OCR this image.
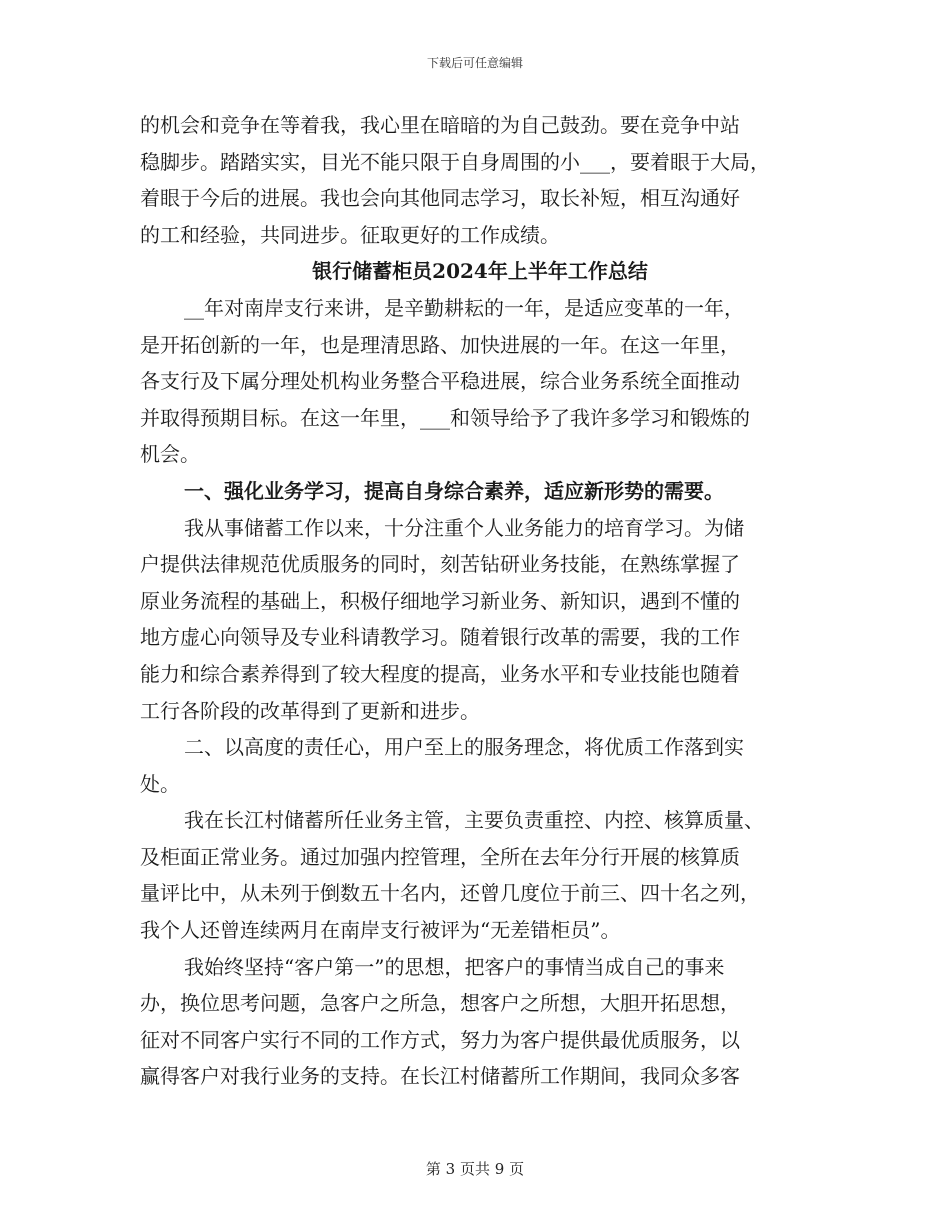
下载后可任意编辑
的机会和竞争在等着我，我心里在暗暗的为自己鼓劲。要在竞争中站
稳脚步。踏踏实实，目光不能只限于自身周围的小___，要着眼于大局，
着眼于今后的进展。我也会向其他同志学习，取长补短，相互沟通好
的工和经验，共同进步。征取更好的工作成绩。
银行储蓄柜员2024年上半年工作总结
__年对南岸支行来讲，是辛勤耕耘的一年，是适应变革的一年，
是开拓创新的一年，也是理清思路、加快进展的一年。在这一年里，
各支行及下属分理处机构业务整合平稳进展，综合业务系统全面推动
并取得预期目标。在这一年里，___和领导给予了我许多学习和锻炼的
机会。
一、强化业务学习，提高自身综合素养，适应新形势的需要。
我从事储蓄工作以来，十分注重个人业务能力的培育学习。为储
户提供法律规范优质服务的同时，刻苦钻研业务技能，在熟练掌握了
原业务流程的基础上，积极仔细地学习新业务、新知识，遇到不懂的
地方虚心向领导及专业科请教学习。随着银行改革的需要，我的工作
能力和综合素养得到了较大程度的提高，业务水平和专业技能也随着
工行各阶段的改革得到了更新和进步。
二、以高度的责任心，用户至上的服务理念，将优质工作落到实
处。
我在长江村储蓄所任业务主管，主要负责重控、内控、核算质量、
及柜面正常业务。通过加强内控管理，全所在去年分行开展的核算质
量评比中，从未列于倒数五十名内，还曾几度位于前三、四十名之列，
我个人还曾连续两月在南岸支行被评为“无差错柜员”。
我始终坚持“客户第一”的思想，把客户的事情当成自己的事来
办，换位思考问题，急客户之所急，想客户之所想，大胆开拓思想，
征对不同客户实行不同的工作方式，努力为客户提供最优质服务，以
赢得客户对我行业务的支持。在长江村储蓄所工作期间，我同众多客
第 3 页共 9 页
